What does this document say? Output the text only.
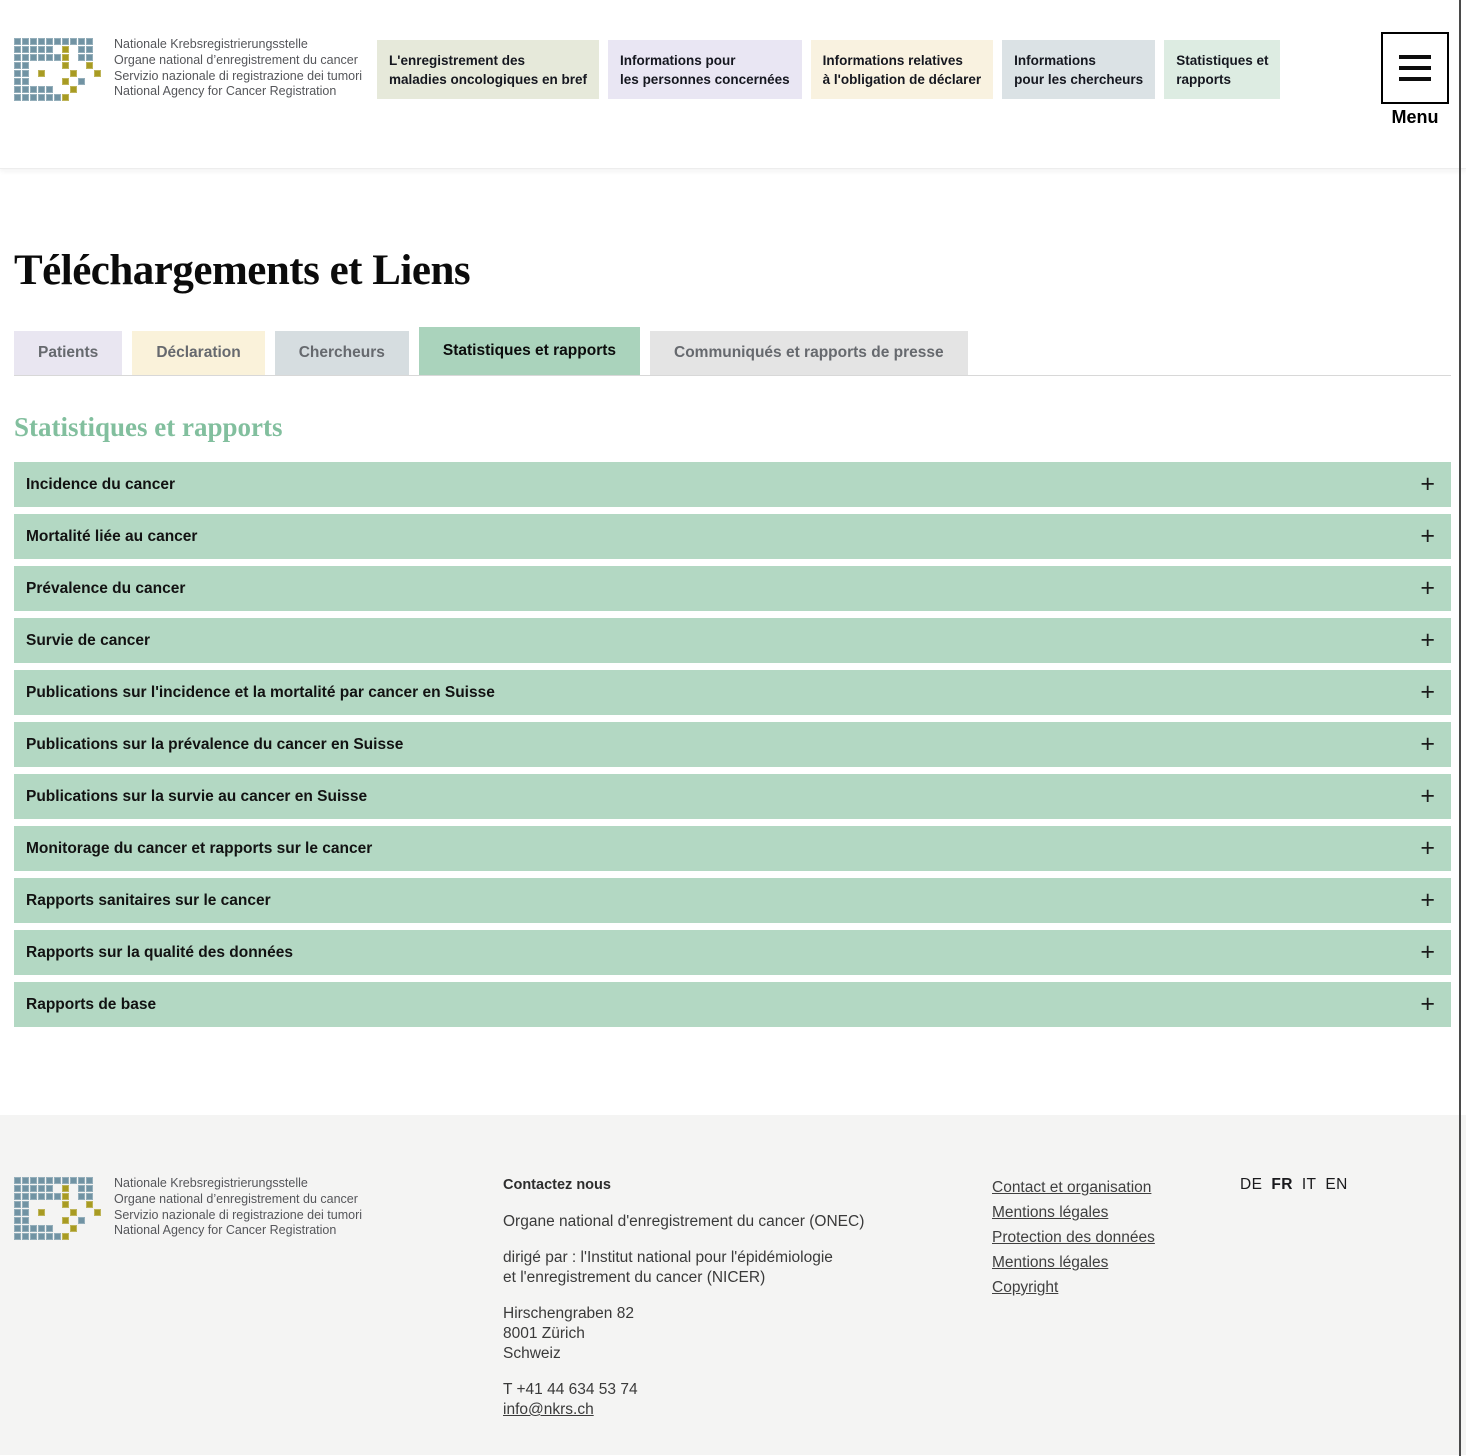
Nationale Krebsregistrierungsstelle
Organe national d’enregistrement du cancer
Servizio nazionale di registrazione dei tumori
National Agency for Cancer Registration
L'enregistrement des
maladies oncologiques en bref
Informations pour
les personnes concernées
Informations relatives
à l'obligation de déclarer
Informations
pour les chercheurs
Statistiques et
rapports
Menu
Téléchargements et Liens
Patients	Déclaration	Chercheurs	Statistiques et rapports	Communiqués et rapports de presse
Statistiques et rapports
Incidence du cancer	+
Mortalité liée au cancer	+
Prévalence du cancer	+
Survie de cancer	+
Publications sur l'incidence et la mortalité par cancer en Suisse	+
Publications sur la prévalence du cancer en Suisse	+
Publications sur la survie au cancer en Suisse	+
Monitorage du cancer et rapports sur le cancer	+
Rapports sanitaires sur le cancer	+
Rapports sur la qualité des données	+
Rapports de base	+
Nationale Krebsregistrierungsstelle
Organe national d’enregistrement du cancer
Servizio nazionale di registrazione dei tumori
National Agency for Cancer Registration

Contactez nous

Organe national d'enregistrement du cancer (ONEC)

dirigé par : l'Institut national pour l'épidémiologie
et l'enregistrement du cancer (NICER)

Hirschengraben 82
8001 Zürich
Schweiz

T +41 44 634 53 74
info@nkrs.ch

Contact et organisation
Mentions légales
Protection des données
Mentions légales
Copyright
DE FR IT EN
